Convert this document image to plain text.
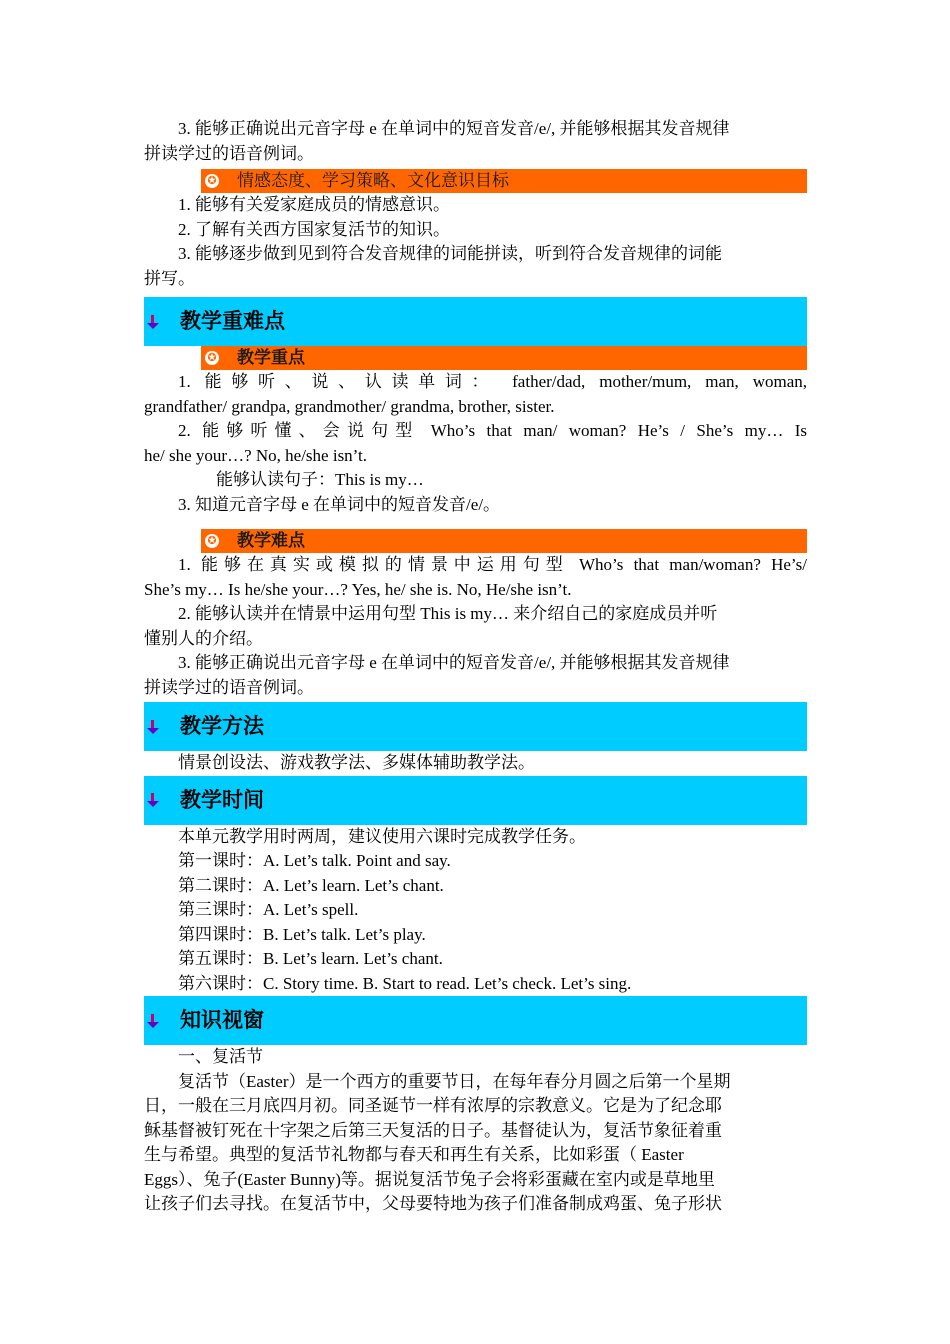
3. 能够正确说出元音字母 e 在单词中的短音发音/e/, 并能够根据其发音规律

拼读学过的语音例词。

✪ 情感态度、学习策略、文化意识目标

1. 能够有关爱家庭成员的情感意识。

2. 了解有关西方国家复活节的知识。

3. 能够逐步做到见到符合发音规律的词能拼读，听到符合发音规律的词能

拼写。

教学重难点
✪ 教学重点

1. 能够听、说、认读单词： father/dad, mother/mum, man, woman,

grandfather/ grandpa, grandmother/ grandma, brother, sister.

2. 能够听懂、会说句型 Who’s that man/ woman? He’s / She’s my… Is

he/ she your…? No, he/she isn’t.

能够认读句子：This is my…

3. 知道元音字母 e 在单词中的短音发音/e/。

✪ 教学难点

1. 能够在真实或模拟的情景中运用句型 Who’s that man/woman? He’s/

She’s my… Is he/she your…? Yes, he/ she is. No, He/she isn’t.

2. 能够认读并在情景中运用句型 This is my… 来介绍自己的家庭成员并听

懂别人的介绍。

3. 能够正确说出元音字母 e 在单词中的短音发音/e/, 并能够根据其发音规律

拼读学过的语音例词。

教学方法

情景创设法、游戏教学法、多媒体辅助教学法。

教学时间

本单元教学用时两周，建议使用六课时完成教学任务。

第一课时：A. Let’s talk. Point and say.

第二课时：A. Let’s learn. Let’s chant.

第三课时：A. Let’s spell.

第四课时：B. Let’s talk. Let’s play.

第五课时：B. Let’s learn. Let’s chant.

第六课时：C. Story time. B. Start to read. Let’s check. Let’s sing.

知识视窗

一、复活节

复活节（Easter）是一个西方的重要节日，在每年春分月圆之后第一个星期

日，一般在三月底四月初。同圣诞节一样有浓厚的宗教意义。它是为了纪念耶

稣基督被钉死在十字架之后第三天复活的日子。基督徒认为，复活节象征着重

生与希望。典型的复活节礼物都与春天和再生有关系，比如彩蛋（ Easter

Eggs）、兔子(Easter Bunny)等。据说复活节兔子会将彩蛋藏在室内或是草地里

让孩子们去寻找。在复活节中，父母要特地为孩子们准备制成鸡蛋、兔子形状
